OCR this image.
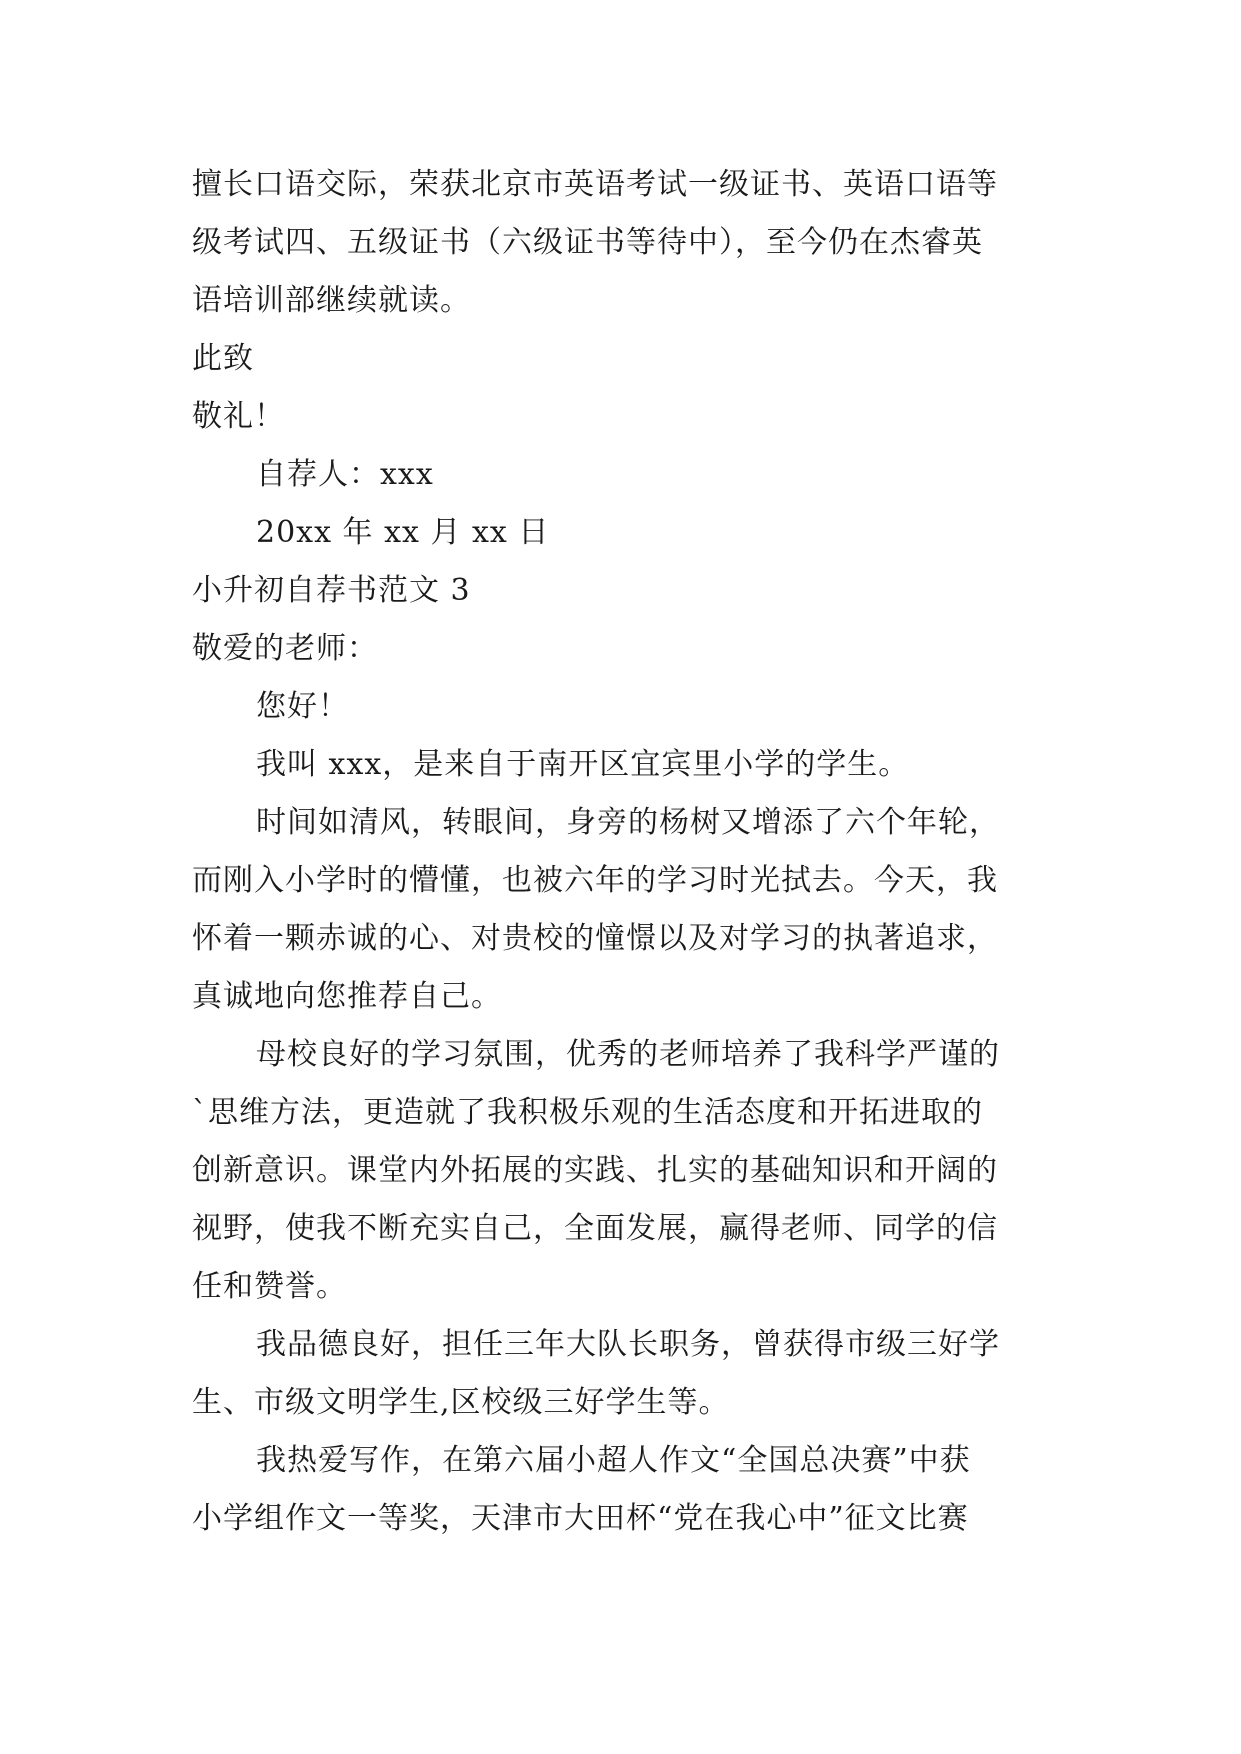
擅长口语交际，荣获北京市英语考试一级证书、英语口语等
级考试四、五级证书（六级证书等待中），至今仍在杰睿英
语培训部继续就读。
此致
敬礼！
自荐人：xxx
20xx 年 xx 月 xx 日
小升初自荐书范文 3
敬爱的老师：
您好！
我叫 xxx，是来自于南开区宜宾里小学的学生。
时间如清风，转眼间，身旁的杨树又增添了六个年轮，
而刚入小学时的懵懂，也被六年的学习时光拭去。今天，我
怀着一颗赤诚的心、对贵校的憧憬以及对学习的执著追求，
真诚地向您推荐自己。
母校良好的学习氛围，优秀的老师培养了我科学严谨的
`思维方法，更造就了我积极乐观的生活态度和开拓进取的
创新意识。课堂内外拓展的实践、扎实的基础知识和开阔的
视野，使我不断充实自己，全面发展，赢得老师、同学的信
任和赞誉。
我品德良好，担任三年大队长职务，曾获得市级三好学
生、市级文明学生,区校级三好学生等。
我热爱写作，在第六届小超人作文“全国总决赛”中获
小学组作文一等奖，天津市大田杯“党在我心中”征文比赛
